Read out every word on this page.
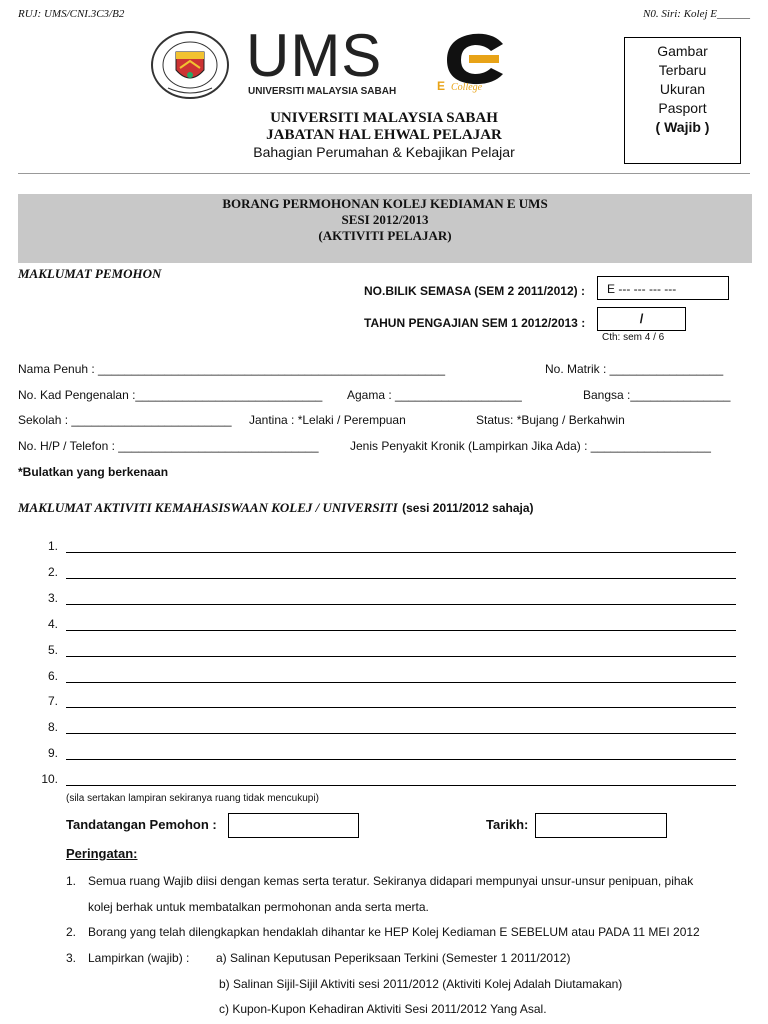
RUJ: UMS/CNI.3C3/B2	N0. Siri: Kolej E______
UMS
UNIVERSITI MALAYSIA SABAH	E College
Gambar
Terbaru
Ukuran
Pasport
( Wajib )
UNIVERSITI MALAYSIA SABAH
JABATAN HAL EHWAL PELAJAR
Bahagian Perumahan & Kebajikan Pelajar
BORANG PERMOHONAN KOLEJ KEDIAMAN E UMS
SESI 2012/2013
(AKTIVITI PELAJAR)
MAKLUMAT PEMOHON
NO.BILIK SEMASA (SEM 2 2011/2012) : E --- --- --- ---
TAHUN PENGAJIAN SEM 1 2012/2013 :	/
Cth: sem 4 / 6
Nama Penuh : ____________________________________________________	No. Matrik : _________________
No. Kad Pengenalan :____________________________ Agama : ___________________	Bangsa :_______________
Sekolah : ________________________ Jantina : *Lelaki / Perempuan	Status: *Bujang / Berkahwin
No. H/P / Telefon : ______________________________	Jenis Penyakit Kronik (Lampirkan Jika Ada) : __________________
*Bulatkan yang berkenaan
MAKLUMAT AKTIVITI KEMAHASISWAAN KOLEJ / UNIVERSITI (sesi 2011/2012 sahaja)
1.
2.
3.
4.
5.
6.
7.
8.
9.
10.
(sila sertakan lampiran sekiranya ruang tidak mencukupi)
Tandatangan Pemohon :	Tarikh:
Peringatan:
1. Semua ruang Wajib diisi dengan kemas serta teratur. Sekiranya didapari mempunyai unsur-unsur penipuan, pihak
kolej berhak untuk membatalkan permohonan anda serta merta.
2. Borang yang telah dilengkapkan hendaklah dihantar ke HEP Kolej Kediaman E SEBELUM atau PADA 11 MEI 2012
3. Lampirkan (wajib) : a) Salinan Keputusan Peperiksaan Terkini (Semester 1 2011/2012)
b) Salinan Sijil-Sijil Aktiviti sesi 2011/2012 (Aktiviti Kolej Adalah Diutamakan)
c) Kupon-Kupon Kehadiran Aktiviti Sesi 2011/2012 Yang Asal.
